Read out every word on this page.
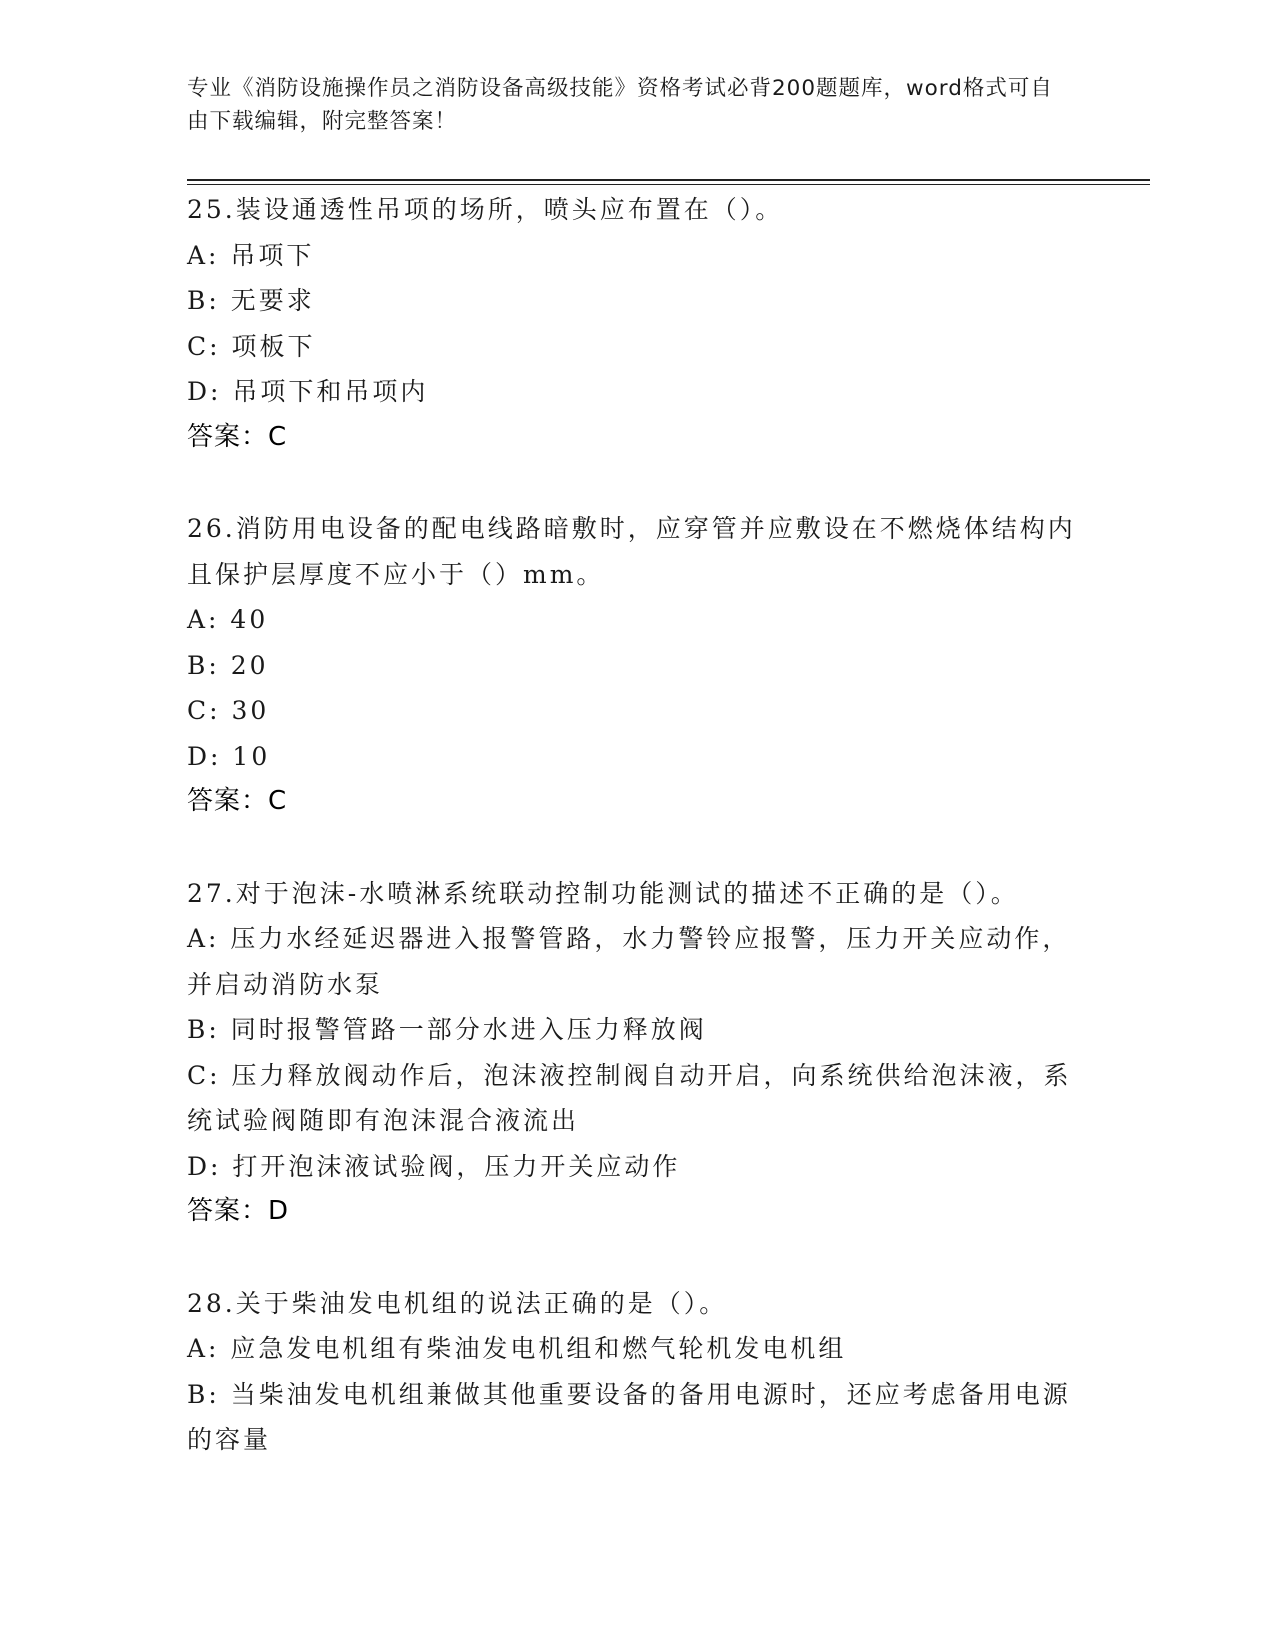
专业《消防设施操作员之消防设备高级技能》资格考试必背200题题库，word格式可自由下载编辑，附完整答案！
25.装设通透性吊项的场所，喷头应布置在（）。
A: 吊项下
B: 无要求
C: 项板下
D: 吊项下和吊项内
答案：C
26.消防用电设备的配电线路暗敷时，应穿管并应敷设在不燃烧体结构内且保护层厚度不应小于（）mm。
A: 40
B: 20
C: 30
D: 10
答案：C
27.对于泡沫-水喷淋系统联动控制功能测试的描述不正确的是（）。
A: 压力水经延迟器进入报警管路，水力警铃应报警，压力开关应动作，并启动消防水泵
B: 同时报警管路一部分水进入压力释放阀
C: 压力释放阀动作后，泡沫液控制阀自动开启，向系统供给泡沫液，系统试验阀随即有泡沫混合液流出
D: 打开泡沫液试验阀，压力开关应动作
答案：D
28.关于柴油发电机组的说法正确的是（）。
A: 应急发电机组有柴油发电机组和燃气轮机发电机组
B: 当柴油发电机组兼做其他重要设备的备用电源时，还应考虑备用电源的容量
